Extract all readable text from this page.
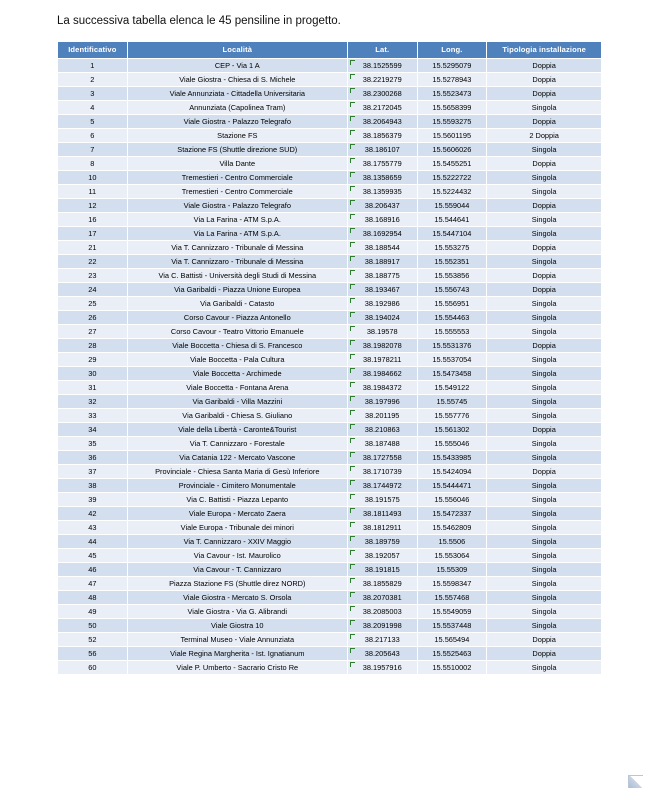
La successiva tabella elenca le 45 pensiline in progetto.
Identificativo	Località	Lat.	Long.	Tipologia installazione
1	CEP - Via 1 A	38.1525599	15.5295079	Doppia
2	Viale Giostra - Chiesa di S. Michele	38.2219279	15.5278943	Doppia
3	Viale Annunziata - Cittadella Universitaria	38.2300268	15.5523473	Doppia
4	Annunziata (Capolinea Tram)	38.2172045	15.5658399	Singola
5	Viale Giostra - Palazzo Telegrafo	38.2064943	15.5593275	Doppia
6	Stazione FS	38.1856379	15.5601195	2 Doppia
7	Stazione FS (Shuttle direzione SUD)	38.186107	15.5606026	Singola
8	Villa Dante	38.1755779	15.5455251	Doppia
10	Tremestieri - Centro Commerciale	38.1358659	15.5222722	Singola
11	Tremestieri - Centro Commerciale	38.1359935	15.5224432	Singola
12	Viale Giostra - Palazzo Telegrafo	38.206437	15.559044	Doppia
16	Via La Farina - ATM S.p.A.	38.168916	15.544641	Singola
17	Via La Farina - ATM S.p.A.	38.1692954	15.5447104	Singola
21	Via T. Cannizzaro - Tribunale di Messina	38.188544	15.553275	Doppia
22	Via T. Cannizzaro - Tribunale di Messina	38.188917	15.552351	Singola
23	Via C. Battisti - Università degli Studi di Messina	38.188775	15.553856	Doppia
24	Via Garibaldi - Piazza Unione Europea	38.193467	15.556743	Doppia
25	Via Garibaldi - Catasto	38.192986	15.556951	Singola
26	Corso Cavour - Piazza Antonello	38.194024	15.554463	Singola
27	Corso Cavour - Teatro Vittorio Emanuele	38.19578	15.555553	Singola
28	Viale Boccetta - Chiesa di S. Francesco	38.1982078	15.5531376	Doppia
29	Viale Boccetta - Pala Cultura	38.1978211	15.5537054	Singola
30	Viale Boccetta - Archimede	38.1984662	15.5473458	Singola
31	Viale Boccetta - Fontana Arena	38.1984372	15.549122	Singola
32	Via Garibaldi - Villa Mazzini	38.197996	15.55745	Singola
33	Via Garibaldi - Chiesa S. Giuliano	38.201195	15.557776	Singola
34	Viale della Libertà - Caronte&Tourist	38.210863	15.561302	Doppia
35	Via T. Cannizzaro - Forestale	38.187488	15.555046	Singola
36	Via Catania 122 - Mercato Vascone	38.1727558	15.5433985	Singola
37	Provinciale - Chiesa Santa Maria di Gesù Inferiore	38.1710739	15.5424094	Doppia
38	Provinciale - Cimitero Monumentale	38.1744972	15.5444471	Singola
39	Via C. Battisti - Piazza Lepanto	38.191575	15.556046	Singola
42	Viale Europa - Mercato Zaera	38.1811493	15.5472337	Singola
43	Viale Europa - Tribunale dei minori	38.1812911	15.5462809	Singola
44	Via T. Cannizzaro - XXIV Maggio	38.189759	15.5506	Singola
45	Via Cavour - Ist. Maurolico	38.192057	15.553064	Singola
46	Via Cavour - T. Cannizzaro	38.191815	15.55309	Singola
47	Piazza Stazione FS (Shuttle direz NORD)	38.1855829	15.5598347	Singola
48	Viale Giostra - Mercato S. Orsola	38.2070381	15.557468	Singola
49	Viale Giostra - Via G. Alibrandi	38.2085003	15.5549059	Singola
50	Viale Giostra 10	38.2091998	15.5537448	Singola
52	Terminal Museo - Viale Annunziata	38.217133	15.565494	Doppia
56	Viale Regina Margherita - Ist. Ignatianum	38.205643	15.5525463	Doppia
60	Viale P. Umberto - Sacrario Cristo Re	38.1957916	15.5510002	Singola
